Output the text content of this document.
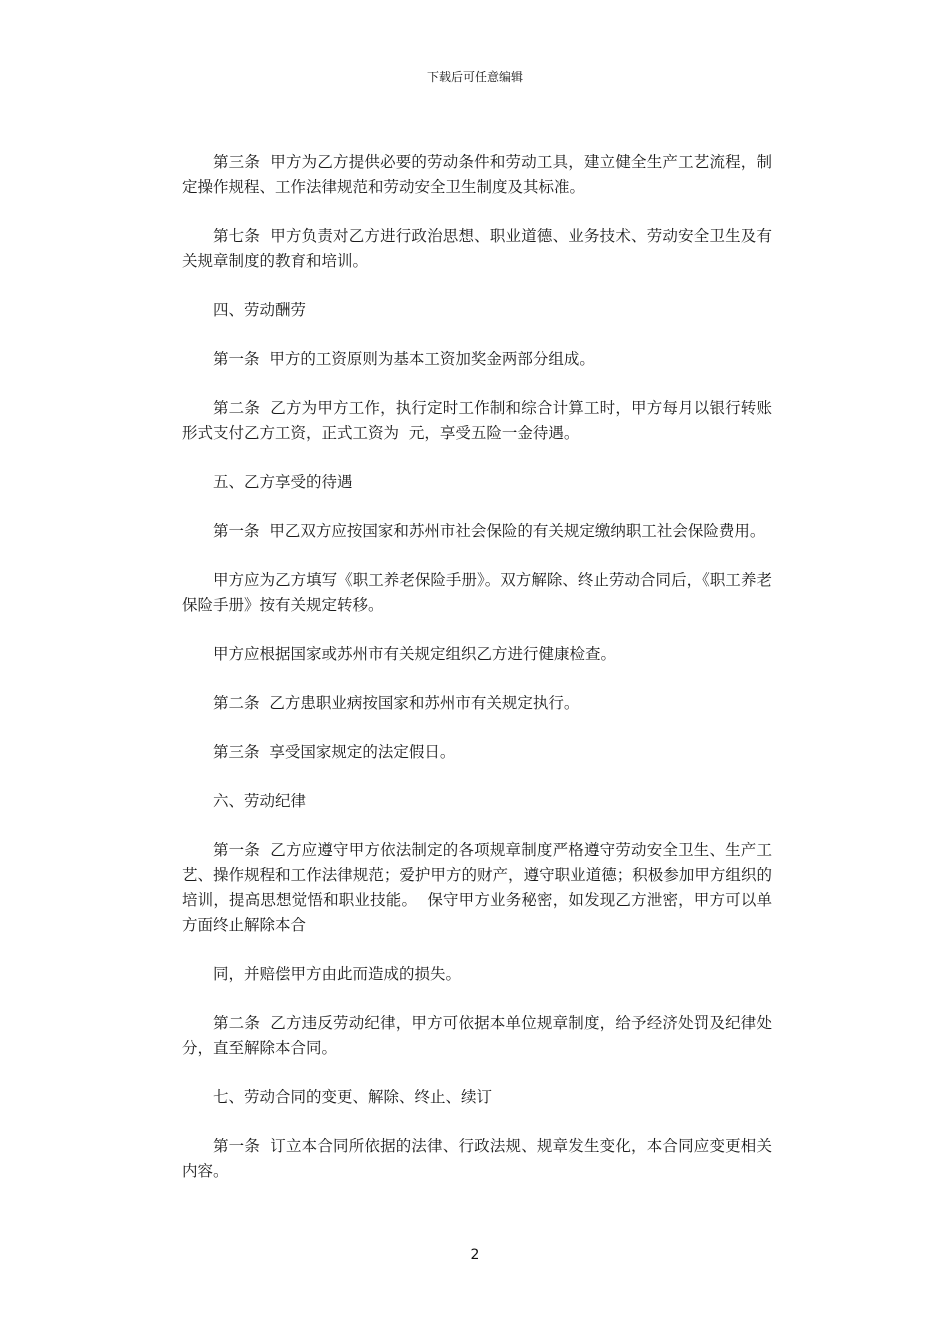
下载后可任意编辑

第三条  甲方为乙方提供必要的劳动条件和劳动工具，建立健全生产工艺流程，制定操作规程、工作法律规范和劳动安全卫生制度及其标准。

第七条  甲方负责对乙方进行政治思想、职业道德、业务技术、劳动安全卫生及有关规章制度的教育和培训。

四、劳动酬劳

第一条  甲方的工资原则为基本工资加奖金两部分组成。

第二条  乙方为甲方工作，执行定时工作制和综合计算工时，甲方每月以银行转账形式支付乙方工资，正式工资为  元，享受五险一金待遇。

五、乙方享受的待遇

第一条  甲乙双方应按国家和苏州市社会保险的有关规定缴纳职工社会保险费用。

甲方应为乙方填写《职工养老保险手册》。双方解除、终止劳动合同后，《职工养老保险手册》按有关规定转移。

甲方应根据国家或苏州市有关规定组织乙方进行健康检查。

第二条  乙方患职业病按国家和苏州市有关规定执行。

第三条  享受国家规定的法定假日。

六、劳动纪律

第一条  乙方应遵守甲方依法制定的各项规章制度严格遵守劳动安全卫生、生产工艺、操作规程和工作法律规范；爱护甲方的财产，遵守职业道德；积极参加甲方组织的培训，提高思想觉悟和职业技能。  保守甲方业务秘密，如发现乙方泄密，甲方可以单方面终止解除本合

同，并赔偿甲方由此而造成的损失。

第二条  乙方违反劳动纪律，甲方可依据本单位规章制度，给予经济处罚及纪律处分，直至解除本合同。

七、劳动合同的变更、解除、终止、续订

第一条  订立本合同所依据的法律、行政法规、规章发生变化，本合同应变更相关内容。

2
